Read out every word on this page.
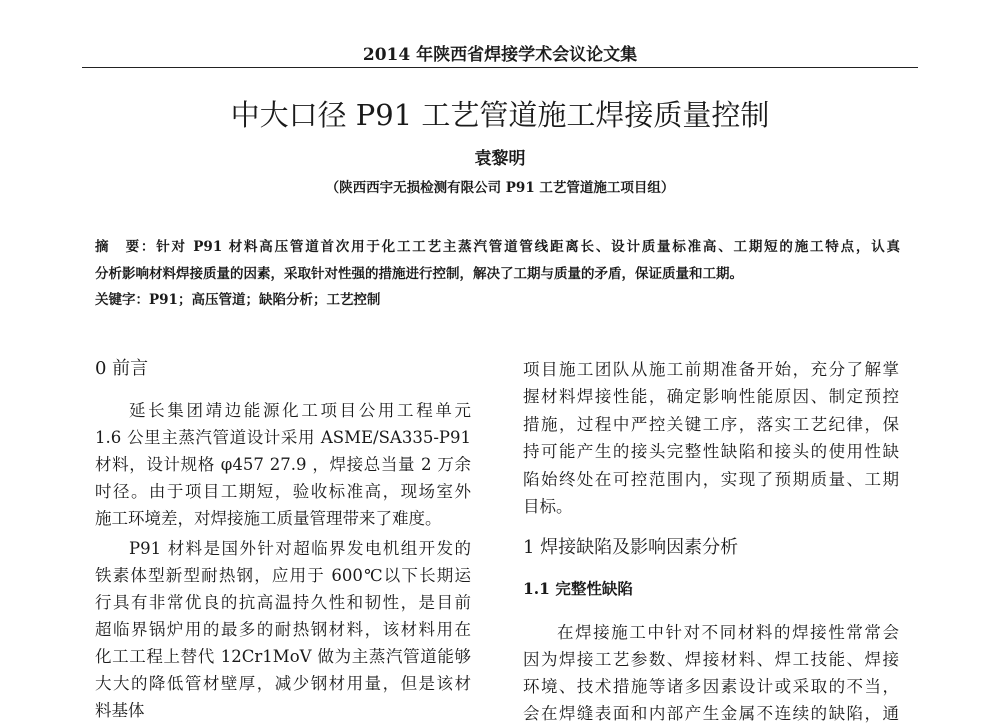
2014 年陕西省焊接学术会议论文集
中大口径 P91 工艺管道施工焊接质量控制
袁黎明
（陕西西宇无损检测有限公司 P91 工艺管道施工项目组）
摘　要：针对 P91 材料高压管道首次用于化工工艺主蒸汽管道管线距离长、设计质量标准高、工期短的施工特点，认真
分析影响材料焊接质量的因素，采取针对性强的措施进行控制，解决了工期与质量的矛盾，保证质量和工期。
关键字：P91；高压管道；缺陷分析；工艺控制
0 前言
延长集团靖边能源化工项目公用工程单元
1.6 公里主蒸汽管道设计采用 ASME/SA335-P91
材料，设计规格 φ457 27.9 ，焊接总当量 2 万余
吋径。由于项目工期短，验收标准高，现场室外
施工环境差，对焊接施工质量管理带来了难度。
P91 材料是国外针对超临界发电机组开发的
铁素体型新型耐热钢，应用于 600℃以下长期运
行具有非常优良的抗高温持久性和韧性，是目前
超临界锅炉用的最多的耐热钢材料，该材料用在
化工工程上替代 12Cr1MoV 做为主蒸汽管道能够
大大的降低管材壁厚，减少钢材用量，但是该材
料基体
项目施工团队从施工前期准备开始，充分了解掌
握材料焊接性能，确定影响性能原因、制定预控
措施，过程中严控关键工序，落实工艺纪律，保
持可能产生的接头完整性缺陷和接头的使用性缺
陷始终处在可控范围内，实现了预期质量、工期
目标。
1 焊接缺陷及影响因素分析
1.1 完整性缺陷
在焊接施工中针对不同材料的焊接性常常会
因为焊接工艺参数、焊接材料、焊工技能、焊接
环境、技术措施等诸多因素设计或采取的不当，
会在焊缝表面和内部产生金属不连续的缺陷，通
